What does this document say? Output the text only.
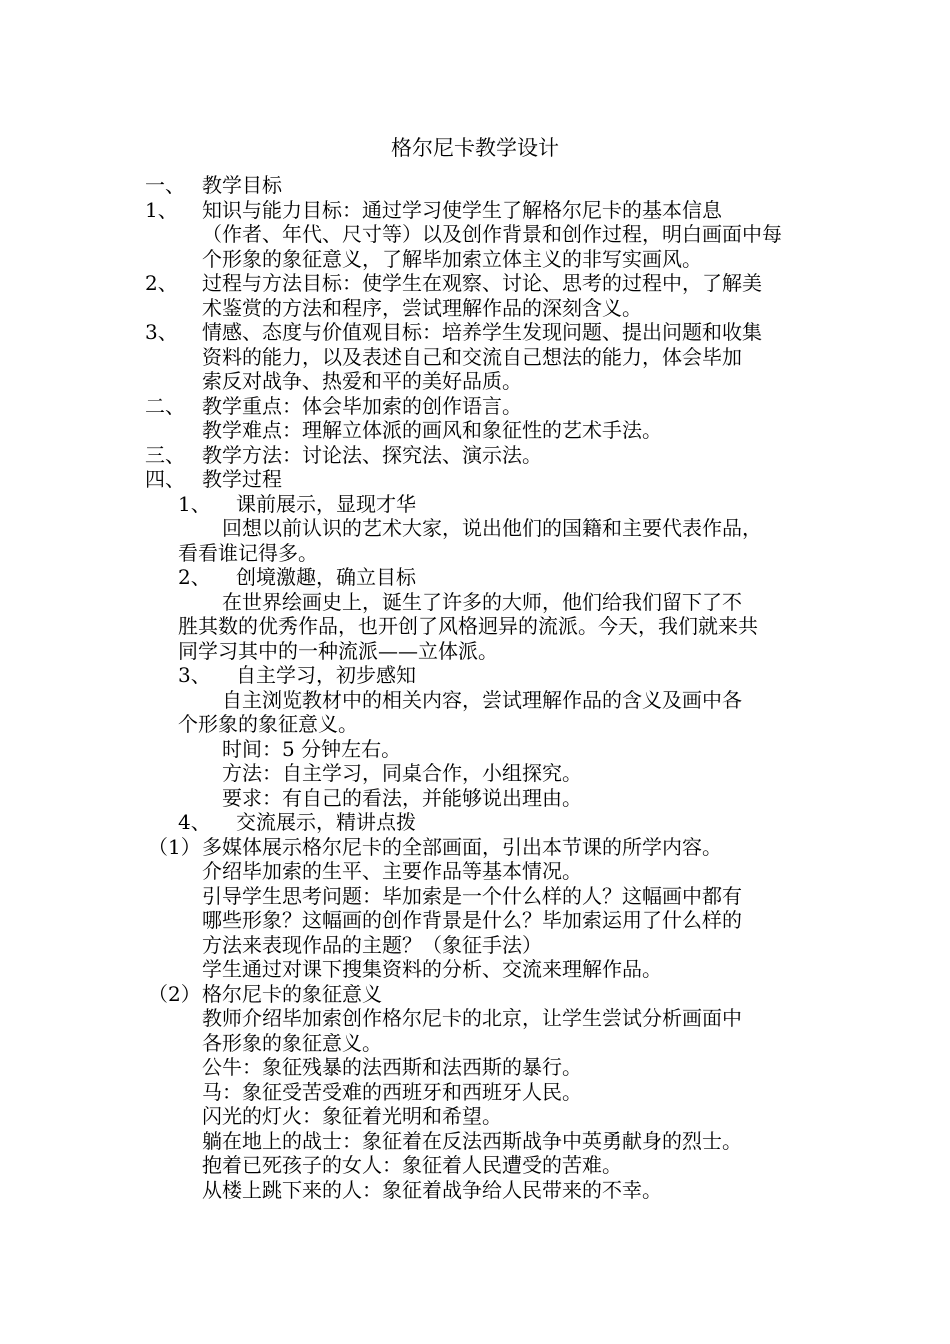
格尔尼卡教学设计
一、 教学目标
1、 知识与能力目标：通过学习使学生了解格尔尼卡的基本信息
（作者、年代、尺寸等）以及创作背景和创作过程，明白画面中每
个形象的象征意义，了解毕加索立体主义的非写实画风。
2、 过程与方法目标：使学生在观察、讨论、思考的过程中，了解美
术鉴赏的方法和程序，尝试理解作品的深刻含义。
3、 情感、态度与价值观目标：培养学生发现问题、提出问题和收集
资料的能力，以及表述自己和交流自己想法的能力，体会毕加
索反对战争、热爱和平的美好品质。
二、 教学重点：体会毕加索的创作语言。
教学难点：理解立体派的画风和象征性的艺术手法。
三、 教学方法：讨论法、探究法、演示法。
四、 教学过程
1、 课前展示，显现才华
回想以前认识的艺术大家，说出他们的国籍和主要代表作品，
看看谁记得多。
2、 创境激趣，确立目标
在世界绘画史上，诞生了许多的大师，他们给我们留下了不
胜其数的优秀作品，也开创了风格迥异的流派。今天，我们就来共
同学习其中的一种流派——立体派。
3、 自主学习，初步感知
自主浏览教材中的相关内容，尝试理解作品的含义及画中各
个形象的象征意义。
时间：5 分钟左右。
方法：自主学习，同桌合作，小组探究。
要求：有自己的看法，并能够说出理由。
4、 交流展示，精讲点拨
（1） 多媒体展示格尔尼卡的全部画面，引出本节课的所学内容。
介绍毕加索的生平、主要作品等基本情况。
引导学生思考问题：毕加索是一个什么样的人？这幅画中都有
哪些形象？这幅画的创作背景是什么？毕加索运用了什么样的
方法来表现作品的主题？（象征手法）
学生通过对课下搜集资料的分析、交流来理解作品。
（2） 格尔尼卡的象征意义
教师介绍毕加索创作格尔尼卡的北京，让学生尝试分析画面中
各形象的象征意义。
公牛：象征残暴的法西斯和法西斯的暴行。
马：象征受苦受难的西班牙和西班牙人民。
闪光的灯火：象征着光明和希望。
躺在地上的战士：象征着在反法西斯战争中英勇献身的烈士。
抱着已死孩子的女人：象征着人民遭受的苦难。
从楼上跳下来的人：象征着战争给人民带来的不幸。
